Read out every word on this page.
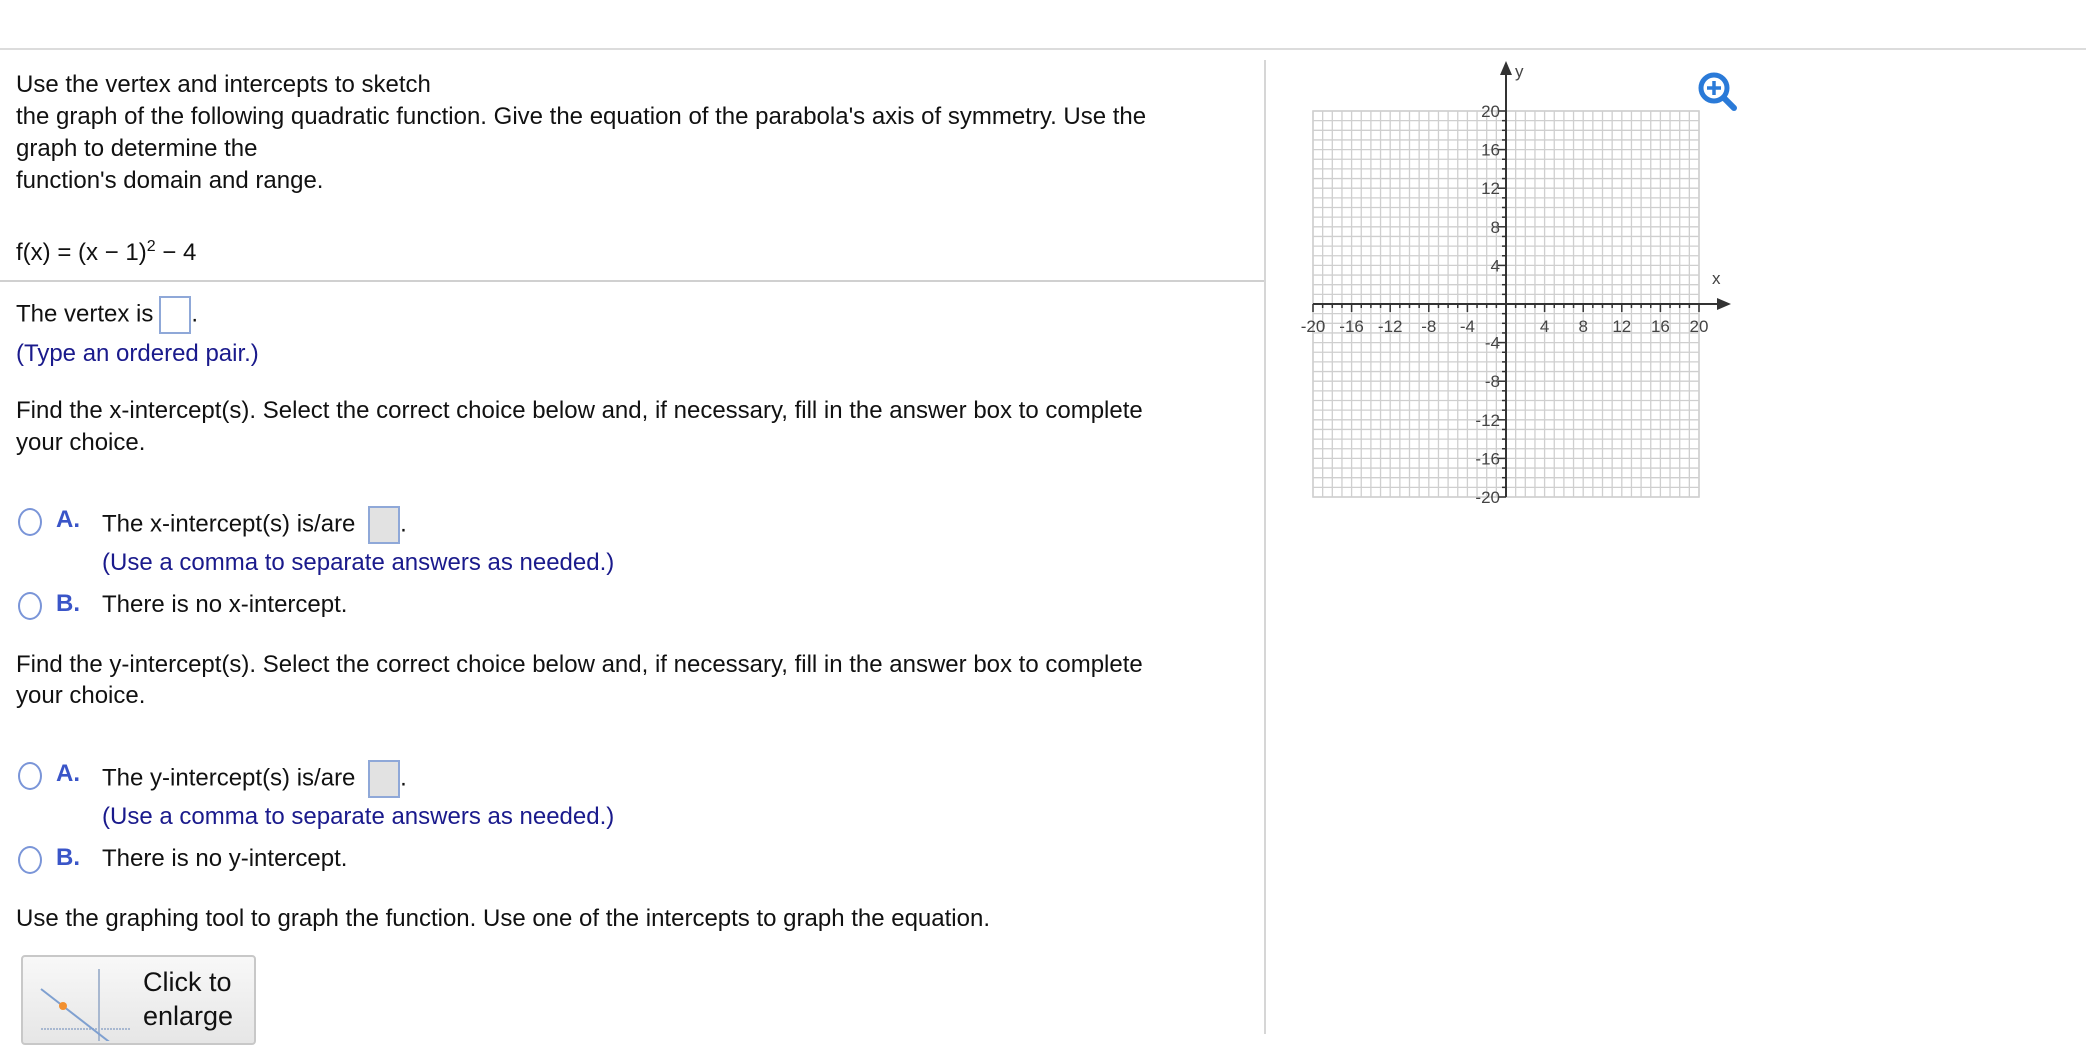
Use the vertex and intercepts to sketch
the graph of the following quadratic function. Give the equation of the parabola's axis of symmetry. Use the
graph to determine the
function's domain and range.
$f(x) = (x - 1)^2 - 4$
The vertex is .
(Type an ordered pair.)
Find the x-intercept(s). Select the correct choice below and, if necessary, fill in the answer box to complete
your choice.
A. The x-intercept(s) is/are .
(Use a comma to separate answers as needed.)
B. There is no x-intercept.
Find the y-intercept(s). Select the correct choice below and, if necessary, fill in the answer box to complete
your choice.
A. The y-intercept(s) is/are .
(Use a comma to separate answers as needed.)
B. There is no y-intercept.
Use the graphing tool to graph the function. Use one of the intercepts to graph the equation.
Click to
enlarge
-20 -16 -12 -8 -4	4 8 12 16 20
20
16
12
8
4
-4
-8
-12
-16
-20
x
y
